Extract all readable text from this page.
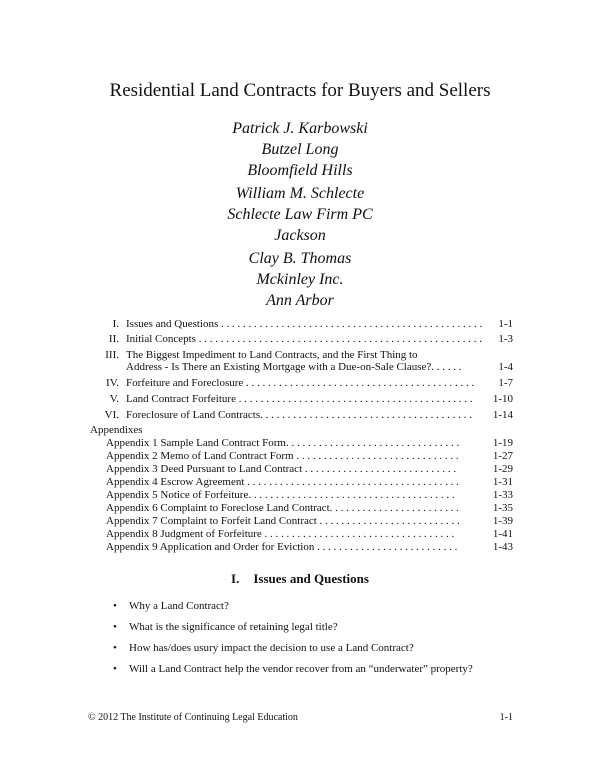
Residential Land Contracts for Buyers and Sellers
Patrick J. Karbowski
Butzel Long
Bloomfield Hills
William M. Schlecte
Schlecte Law Firm PC
Jackson
Clay B. Thomas
Mckinley Inc.
Ann Arbor
I. Issues and Questions . . . . . . . . . . . . . . . . . . . . . . . . . . . . . . . . . . . . . . . . . . . . . . . .	1-1
II. Initial Concepts . . . . . . . . . . . . . . . . . . . . . . . . . . . . . . . . . . . . . . . . . . . . . . . . . . . .	1-3
III. The Biggest Impediment to Land Contracts, and the First Thing to
Address - Is There an Existing Mortgage with a Due-on-Sale Clause?. . . . . .	1-4
IV. Forfeiture and Foreclosure . . . . . . . . . . . . . . . . . . . . . . . . . . . . . . . . . . . . . . . . . .	1-7
V. Land Contract Forfeiture . . . . . . . . . . . . . . . . . . . . . . . . . . . . . . . . . . . . . . . . . . .	1-10
VI. Foreclosure of Land Contracts. . . . . . . . . . . . . . . . . . . . . . . . . . . . . . . . . . . . . . .	1-14
Appendixes
Appendix 1 Sample Land Contract Form. . . . . . . . . . . . . . . . . . . . . . . . . . . . . . . .	1-19
Appendix 2 Memo of Land Contract Form . . . . . . . . . . . . . . . . . . . . . . . . . . . . . .	1-27
Appendix 3 Deed Pursuant to Land Contract . . . . . . . . . . . . . . . . . . . . . . . . . . . .	1-29
Appendix 4 Escrow Agreement . . . . . . . . . . . . . . . . . . . . . . . . . . . . . . . . . . . . . . .	1-31
Appendix 5 Notice of Forfeiture. . . . . . . . . . . . . . . . . . . . . . . . . . . . . . . . . . . . . .	1-33
Appendix 6 Complaint to Foreclose Land Contract. . . . . . . . . . . . . . . . . . . . . . . .	1-35
Appendix 7 Complaint to Forfeit Land Contract . . . . . . . . . . . . . . . . . . . . . . . . . .	1-39
Appendix 8 Judgment of Forfeiture . . . . . . . . . . . . . . . . . . . . . . . . . . . . . . . . . . .	1-41
Appendix 9 Application and Order for Eviction . . . . . . . . . . . . . . . . . . . . . . . . . .	1-43
I. Issues and Questions
• Why a Land Contract?
• What is the significance of retaining legal title?
• How has/does usury impact the decision to use a Land Contract?
• Will a Land Contract help the vendor recover from an “underwater” property?
© 2012 The Institute of Continuing Legal Education	1-1
